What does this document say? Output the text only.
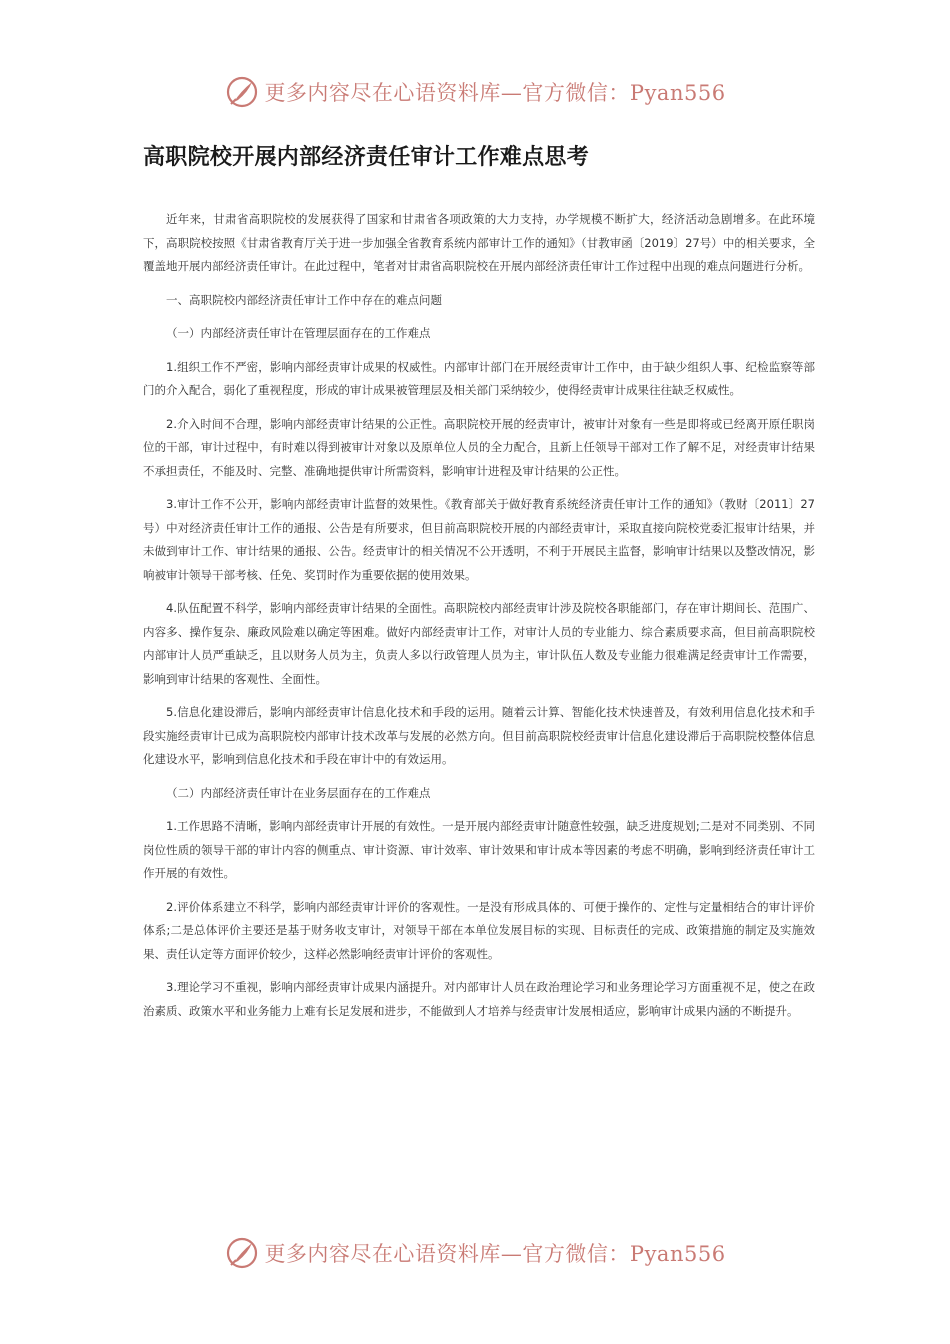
更多内容尽在心语资料库—官方微信：Pyan556
高职院校开展内部经济责任审计工作难点思考

近年来，甘肃省高职院校的发展获得了国家和甘肃省各项政策的大力支持，办学规模不断扩大，经济活动急剧增多。在此环境下，高职院校按照《甘肃省教育厅关于进一步加强全省教育系统内部审计工作的通知》（甘教审函〔2019〕27号）中的相关要求，全覆盖地开展内部经济责任审计。在此过程中，笔者对甘肃省高职院校在开展内部经济责任审计工作过程中出现的难点问题进行分析。

一、高职院校内部经济责任审计工作中存在的难点问题

（一）内部经济责任审计在管理层面存在的工作难点

1.组织工作不严密，影响内部经责审计成果的权威性。内部审计部门在开展经责审计工作中，由于缺少组织人事、纪检监察等部门的介入配合，弱化了重视程度，形成的审计成果被管理层及相关部门采纳较少，使得经责审计成果往往缺乏权威性。

2.介入时间不合理，影响内部经责审计结果的公正性。高职院校开展的经责审计，被审计对象有一些是即将或已经离开原任职岗位的干部，审计过程中，有时难以得到被审计对象以及原单位人员的全力配合，且新上任领导干部对工作了解不足，对经责审计结果不承担责任，不能及时、完整、准确地提供审计所需资料，影响审计进程及审计结果的公正性。

3.审计工作不公开，影响内部经责审计监督的效果性。《教育部关于做好教育系统经济责任审计工作的通知》（教财〔2011〕27号）中对经济责任审计工作的通报、公告是有所要求，但目前高职院校开展的内部经责审计，采取直接向院校党委汇报审计结果，并未做到审计工作、审计结果的通报、公告。经责审计的相关情况不公开透明，不利于开展民主监督，影响审计结果以及整改情况，影响被审计领导干部考核、任免、奖罚时作为重要依据的使用效果。

4.队伍配置不科学，影响内部经责审计结果的全面性。高职院校内部经责审计涉及院校各职能部门，存在审计期间长、范围广、内容多、操作复杂、廉政风险难以确定等困难。做好内部经责审计工作，对审计人员的专业能力、综合素质要求高，但目前高职院校内部审计人员严重缺乏，且以财务人员为主，负责人多以行政管理人员为主，审计队伍人数及专业能力很难满足经责审计工作需要，影响到审计结果的客观性、全面性。

5.信息化建设滞后，影响内部经责审计信息化技术和手段的运用。随着云计算、智能化技术快速普及，有效利用信息化技术和手段实施经责审计已成为高职院校内部审计技术改革与发展的必然方向。但目前高职院校经责审计信息化建设滞后于高职院校整体信息化建设水平，影响到信息化技术和手段在审计中的有效运用。

（二）内部经济责任审计在业务层面存在的工作难点

1.工作思路不清晰，影响内部经责审计开展的有效性。一是开展内部经责审计随意性较强，缺乏进度规划;二是对不同类别、不同岗位性质的领导干部的审计内容的侧重点、审计资源、审计效率、审计效果和审计成本等因素的考虑不明确，影响到经济责任审计工作开展的有效性。

2.评价体系建立不科学，影响内部经责审计评价的客观性。一是没有形成具体的、可便于操作的、定性与定量相结合的审计评价体系;二是总体评价主要还是基于财务收支审计，对领导干部在本单位发展目标的实现、目标责任的完成、政策措施的制定及实施效果、责任认定等方面评价较少，这样必然影响经责审计评价的客观性。

3.理论学习不重视，影响内部经责审计成果内涵提升。对内部审计人员在政治理论学习和业务理论学习方面重视不足，使之在政治素质、政策水平和业务能力上难有长足发展和进步，不能做到人才培养与经责审计发展相适应，影响审计成果内涵的不断提升。

更多内容尽在心语资料库—官方微信：Pyan556
